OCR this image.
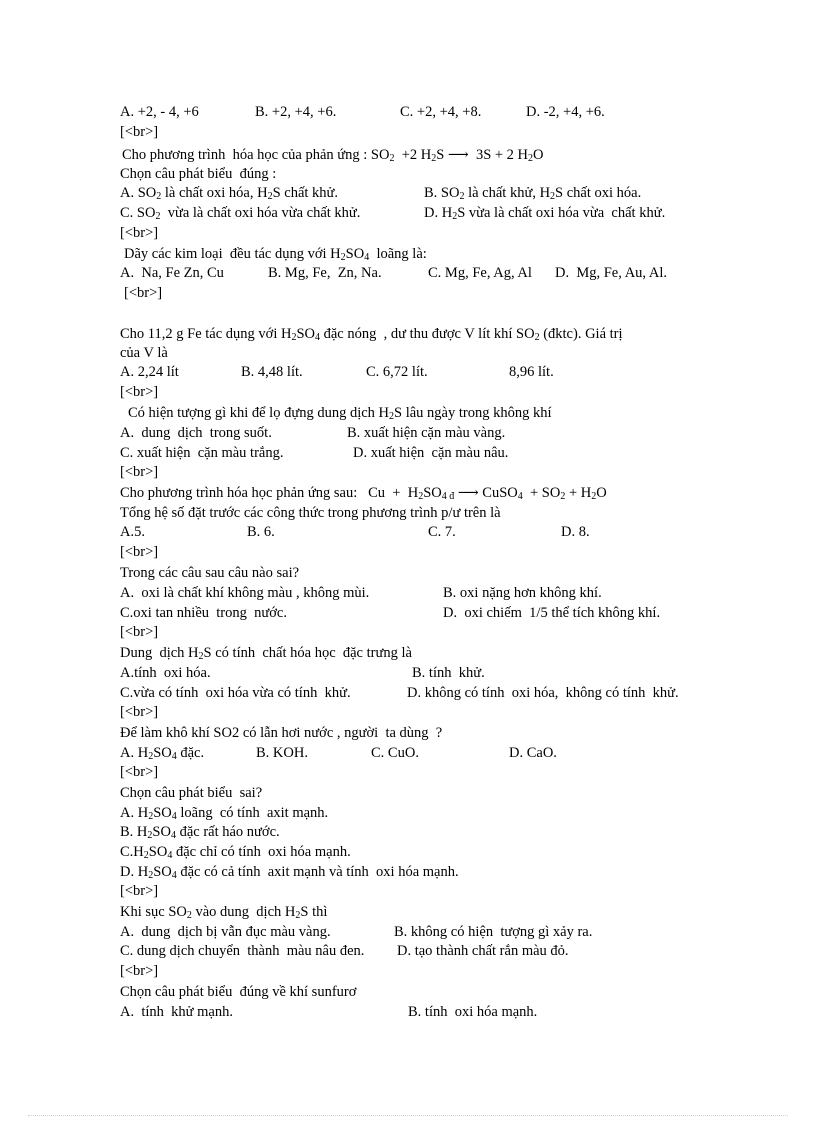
A. +2, - 4, +6	B. +2, +4, +6.	C. +2, +4, +8.	D. -2, +4, +6.
[<br>]
Cho phương trình  hóa học của phản ứng : $SO_2 +2$ $H_2S$ ⟶  3S + 2 $H_2O$
Chọn câu phát biểu  đúng :
A. $SO_2$ là chất oxi hóa, $H_2S$ chất khử.	B. $SO_2$ là chất khử, $H_2S$ chất oxi hóa.
C. $SO_2$  vừa là chất oxi hóa vừa chất khử.	D. $H_2S$ vừa là chất oxi hóa vừa  chất khử.
[<br>]
Dãy các kim loại  đều tác dụng với $H_2SO_4$  loãng là:
A.  Na, Fe Zn, Cu	B. Mg, Fe,  Zn, Na.	C. Mg, Fe, Ag, Al D.  Mg, Fe, Au, Al.
[<br>]
Cho 11,2 g Fe tác dụng với $H_2SO_4$ đặc nóng  , dư thu được V lít khí $SO_2$ (đktc). Giá trị
của V là
A. 2,24 lít	B. 4,48 lít.	C. 6,72 lít.	8,96 lít.
[<br>]
Có hiện tượng gì khi để lọ đựng dung dịch $H_2S$ lâu ngày trong không khí
A.  dung  dịch  trong suốt.	B. xuất hiện cặn màu vàng.
C. xuất hiện  cặn màu trắng.	D. xuất hiện  cặn màu nâu.
[<br>]
Cho phương trình hóa học phản ứng sau:   $Cu + H_2SO_{4 đ}$ ⟶ CuSO$_4$  + $SO_2 + H_2O$
Tổng hệ số đặt trước các công thức trong phương trình p/ư trên là
A.5.	B. 6.	C. 7.	D. 8.
[<br>]
Trong các câu sau câu nào sai?
A.  oxi là chất khí không màu , không mùi.	B. oxi nặng hơn không khí.
C.oxi tan nhiều  trong  nước.	D.  oxi chiếm  1/5 thể tích không khí.
[<br>]
Dung  dịch $H_2S$ có tính  chất hóa học  đặc trưng là
A.tính  oxi hóa.	B. tính  khử.
C.vừa có tính  oxi hóa vừa có tính  khử.	D. không có tính  oxi hóa,  không có tính  khử.
[<br>]
Để làm khô khí SO2 có lẫn hơi nước , người  ta dùng  ?
A. $H_2SO_4$ đặc.	B. KOH.	C. CuO.	D. CaO.
[<br>]
Chọn câu phát biểu  sai?
A. $H_2SO_4$ loãng  có tính  axit mạnh.
B. $H_2SO_4$ đặc rất háo nước.
$C.H_2SO_4$ đặc chỉ có tính  oxi hóa mạnh.
D. $H_2SO_4$ đặc có cả tính  axit mạnh và tính  oxi hóa mạnh.
[<br>]
Khi sục $SO_2$ vào dung  dịch $H_2S$ thì
A.  dung  dịch bị vẫn đục màu vàng.	B. không có hiện  tượng gì xảy ra.
C. dung dịch chuyển  thành  màu nâu đen. D. tạo thành chất rắn màu đỏ.
[<br>]
Chọn câu phát biểu  đúng về khí sunfurơ
A.  tính  khử mạnh.	B. tính  oxi hóa mạnh.
